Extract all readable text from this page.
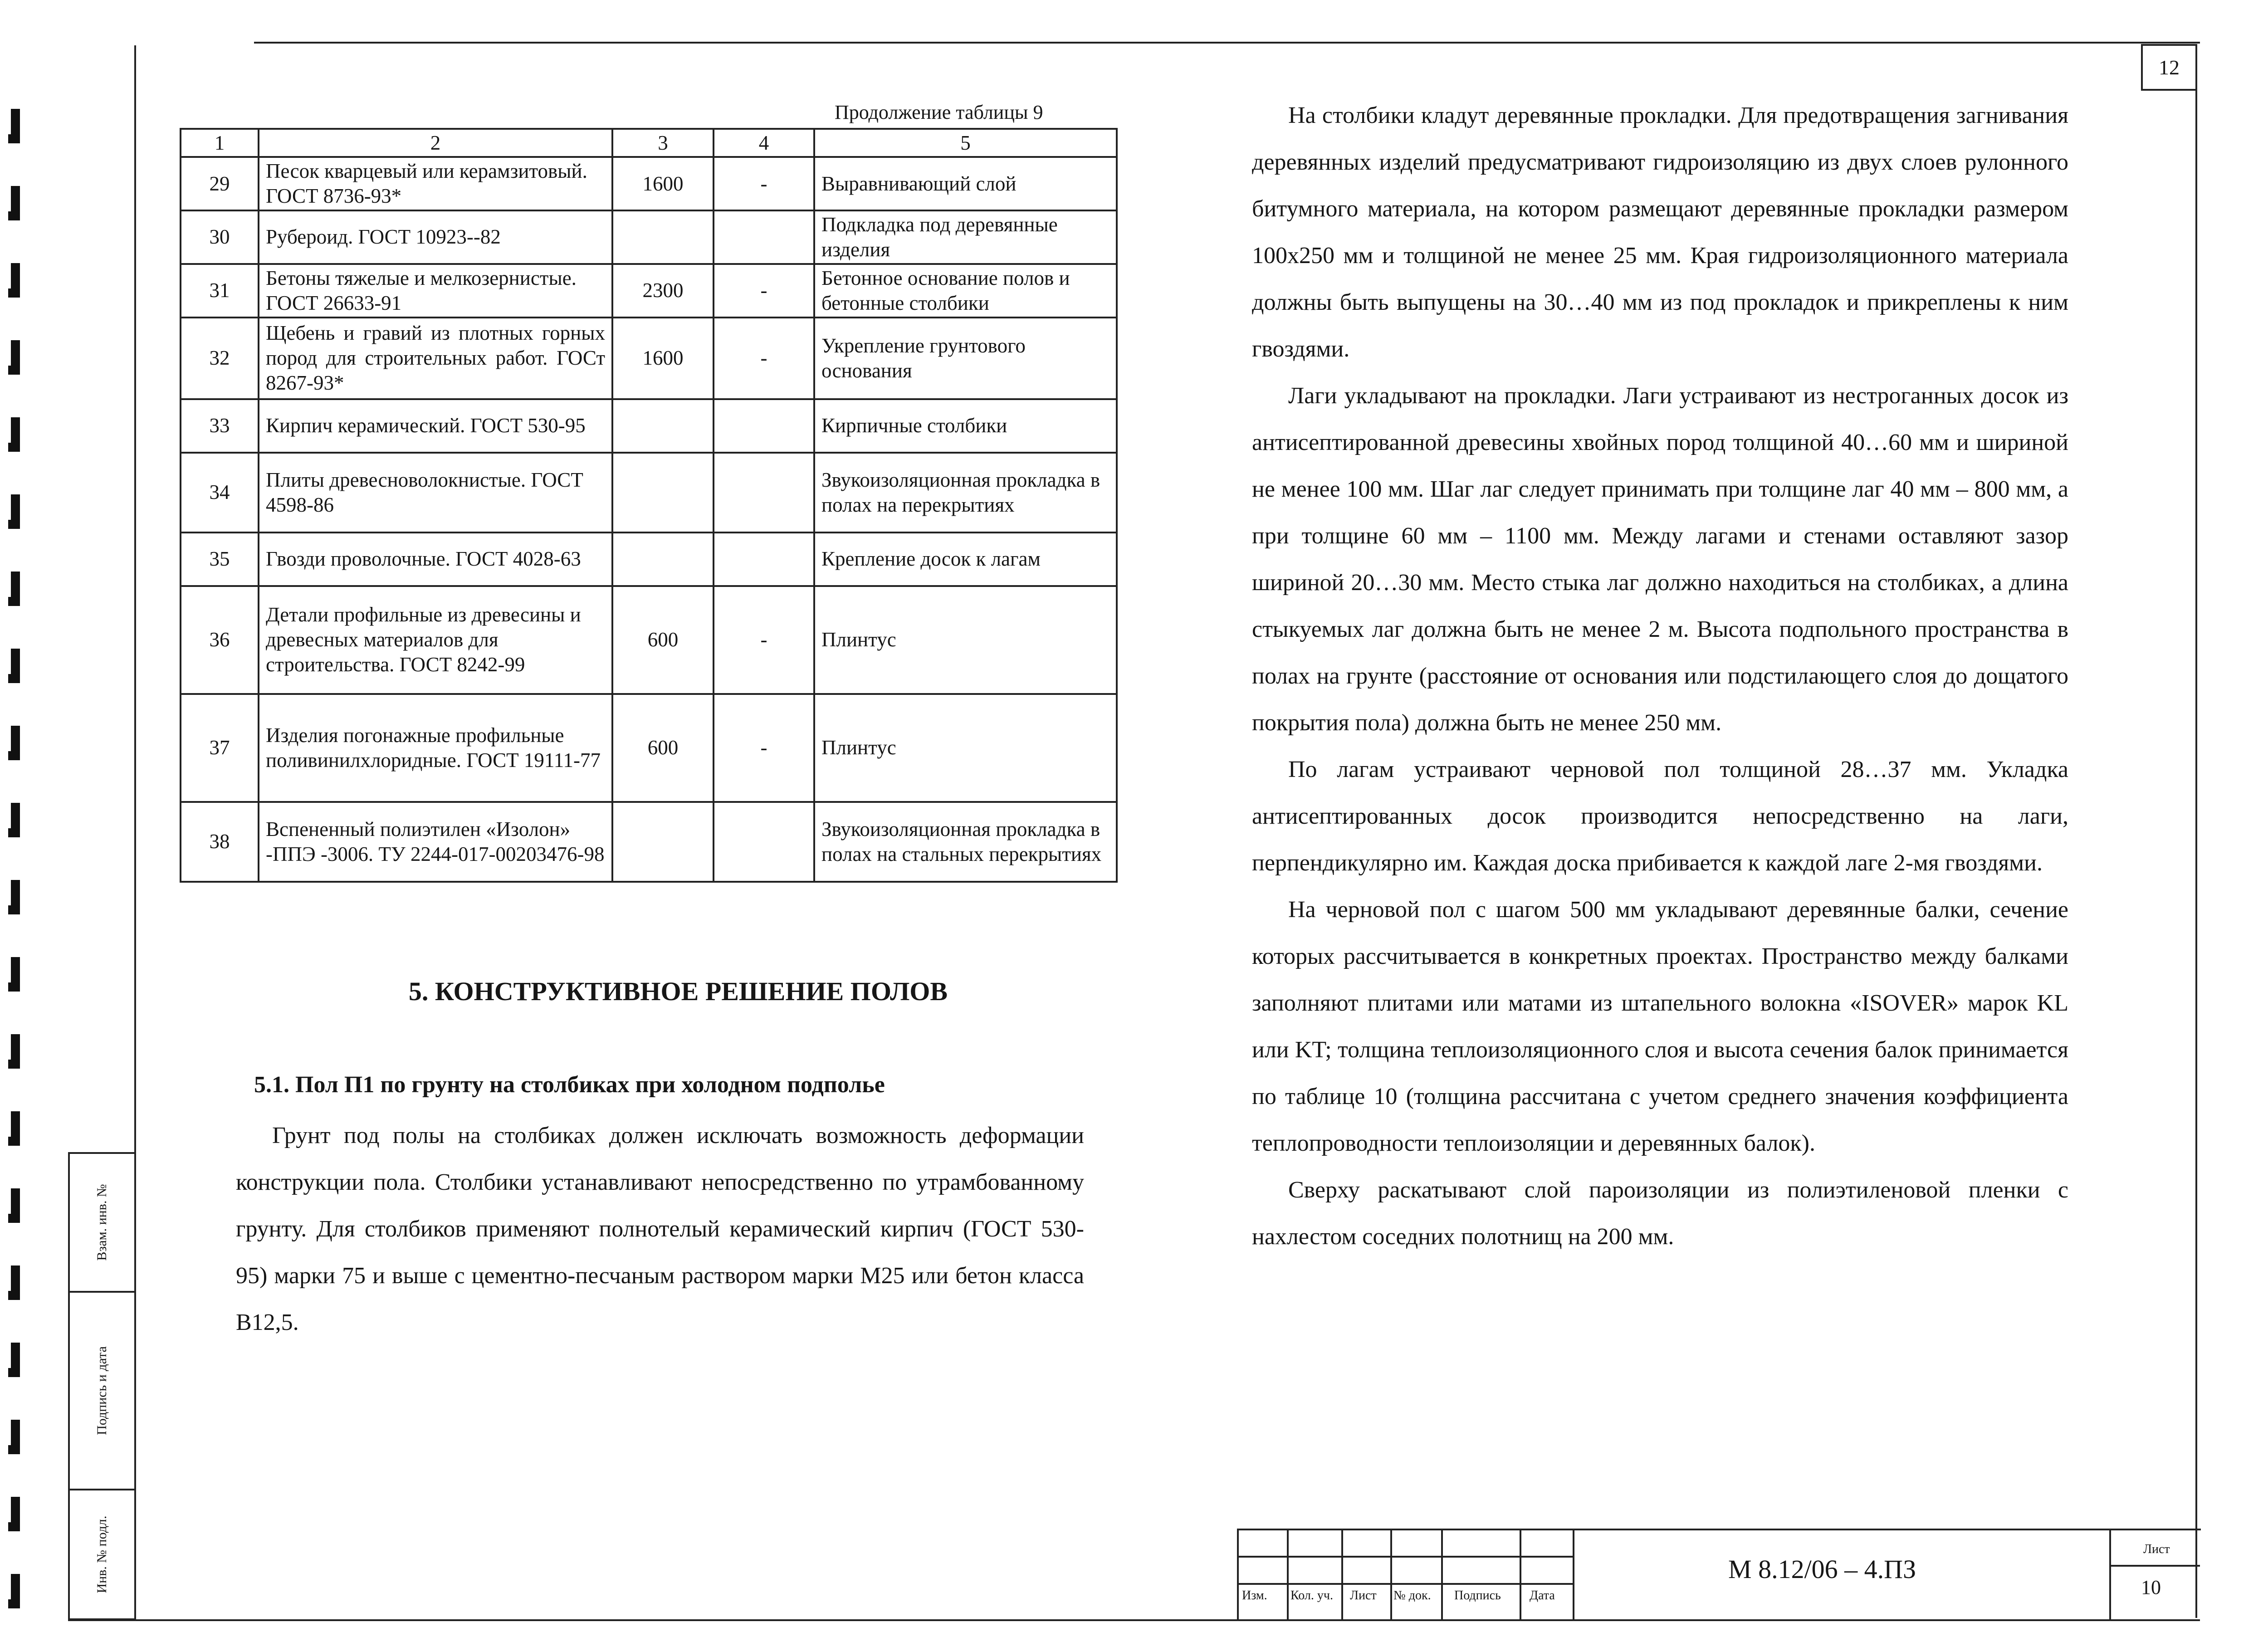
12
Взам. инв. №
Подпись и дата
Инв. № подл.
Продолжение таблицы 9
1	2	3	4	5
29	Песок кварцевый или керамзитовый. ГОСТ 8736-93*	1600	-	Выравнивающий слой
30	Рубероид. ГОСТ 10923--82			Подкладка под деревянные изделия
31	Бетоны тяжелые и мелкозернистые. ГОСТ 26633-91	2300	-	Бетонное основание полов и бетонные столбики
32	Щебень и гравий из плотных горных пород для строительных работ. ГОСт 8267-93*	1600	-	Укрепление грунтового основания
33	Кирпич керамический. ГОСТ 530-95			Кирпичные столбики
34	Плиты древесноволокнистые. ГОСТ 4598-86			Звукоизоляционная прокладка в полах на перекрытиях
35	Гвозди проволочные. ГОСТ 4028-63			Крепление досок к лагам
36	Детали профильные из древесины и древесных материалов для строительства. ГОСТ 8242-99	600	-	Плинтус
37	Изделия погонажные профильные поливинилхлоридные. ГОСТ 19111-77	600	-	Плинтус
38	Вспененный полиэтилен «Изолон» -ППЭ -3006. ТУ 2244-017-00203476-98			Звукоизоляционная прокладка в полах на стальных перекрытиях
5. КОНСТРУКТИВНОЕ РЕШЕНИЕ ПОЛОВ
5.1. Пол П1 по грунту на столбиках при холодном подполье

Грунт под полы на столбиках должен исключать возможность деформации конструкции пола. Столбики устанавливают непосредственно по утрамбованному грунту. Для столбиков применяют полнотелый керамический кирпич (ГОСТ 530-95) марки 75 и выше с цементно-песчаным раствором марки М25 или бетон класса В12,5.

На столбики кладут деревянные прокладки. Для предотвращения загнивания деревянных изделий предусматривают гидроизоляцию из двух слоев рулонного битумного материала, на котором размещают деревянные прокладки размером 100х250 мм и толщиной не менее 25 мм. Края гидроизоляционного материала должны быть выпущены на 30…40 мм из под прокладок и прикреплены к ним гвоздями.

Лаги укладывают на прокладки. Лаги устраивают из нестроганных досок из антисептированной древесины хвойных пород толщиной 40…60 мм и шириной не менее 100 мм. Шаг лаг следует принимать при толщине лаг 40 мм – 800 мм, а при толщине 60 мм – 1100 мм. Между лагами и стенами оставляют зазор шириной 20…30 мм. Место стыка лаг должно находиться на столбиках, а длина стыкуемых лаг должна быть не менее 2 м. Высота подпольного пространства в полах на грунте (расстояние от основания или подстилающего слоя до дощатого покрытия пола) должна быть не менее 250 мм.

По лагам устраивают черновой пол толщиной 28…37 мм. Укладка антисептированных досок производится непосредственно на лаги, перпендикулярно им. Каждая доска прибивается к каждой лаге 2-мя гвоздями.

На черновой пол с шагом 500 мм укладывают деревянные балки, сечение которых рассчитывается в конкретных проектах. Пространство между балками заполняют плитами или матами из штапельного волокна «ISOVER» марок KL или KT; толщина теплоизоляционного слоя и высота сечения балок принимается по таблице 10 (толщина рассчитана с учетом среднего значения коэффициента теплопроводности теплоизоляции и деревянных балок).

Сверху раскатывают слой пароизоляции из полиэтиленовой пленки с нахлестом соседних полотнищ на 200 мм.

Изм. Кол. уч. Лист № док. Подпись Дата
М 8.12/06 – 4.ПЗ
Лист
10
